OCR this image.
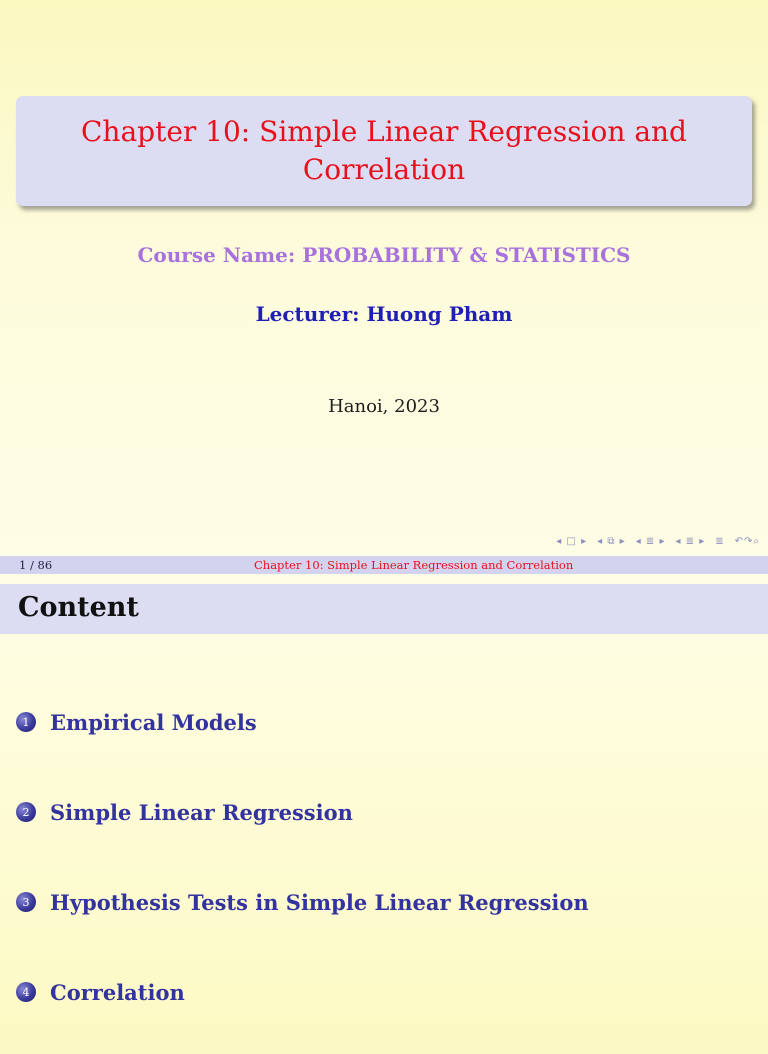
Chapter 10: Simple Linear Regression and Correlation
Course Name: PROBABILITY & STATISTICS
Lecturer: Huong Pham
Hanoi, 2023
◂ □ ▸ ◂ ⧉ ▸ ◂ ≣ ▸ ◂ ≣ ▸ ≣ ↶↷⌕
1 / 86	Chapter 10: Simple Linear Regression and Correlation
Content
1 Empirical Models
2 Simple Linear Regression
3 Hypothesis Tests in Simple Linear Regression
4 Correlation
